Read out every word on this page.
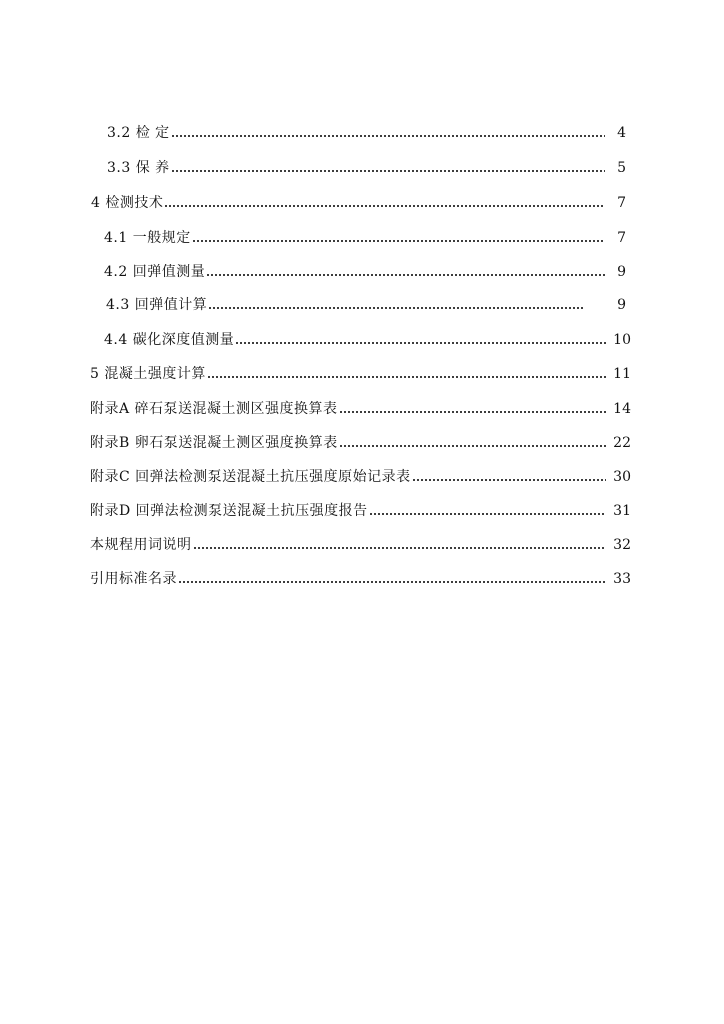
3.2 检 定	4
3.3 保 养	5
4 检测技术	7
4.1 一般规定	7
4.2 回弹值测量	9
4.3 回弹值计算	9
4.4 碳化深度值测量	10
5 混凝土强度计算	11
附录A 碎石泵送混凝土测区强度换算表	14
附录B 卵石泵送混凝土测区强度换算表	22
附录C 回弹法检测泵送混凝土抗压强度原始记录表	30
附录D 回弹法检测泵送混凝土抗压强度报告	31
本规程用词说明	32
引用标准名录	33
